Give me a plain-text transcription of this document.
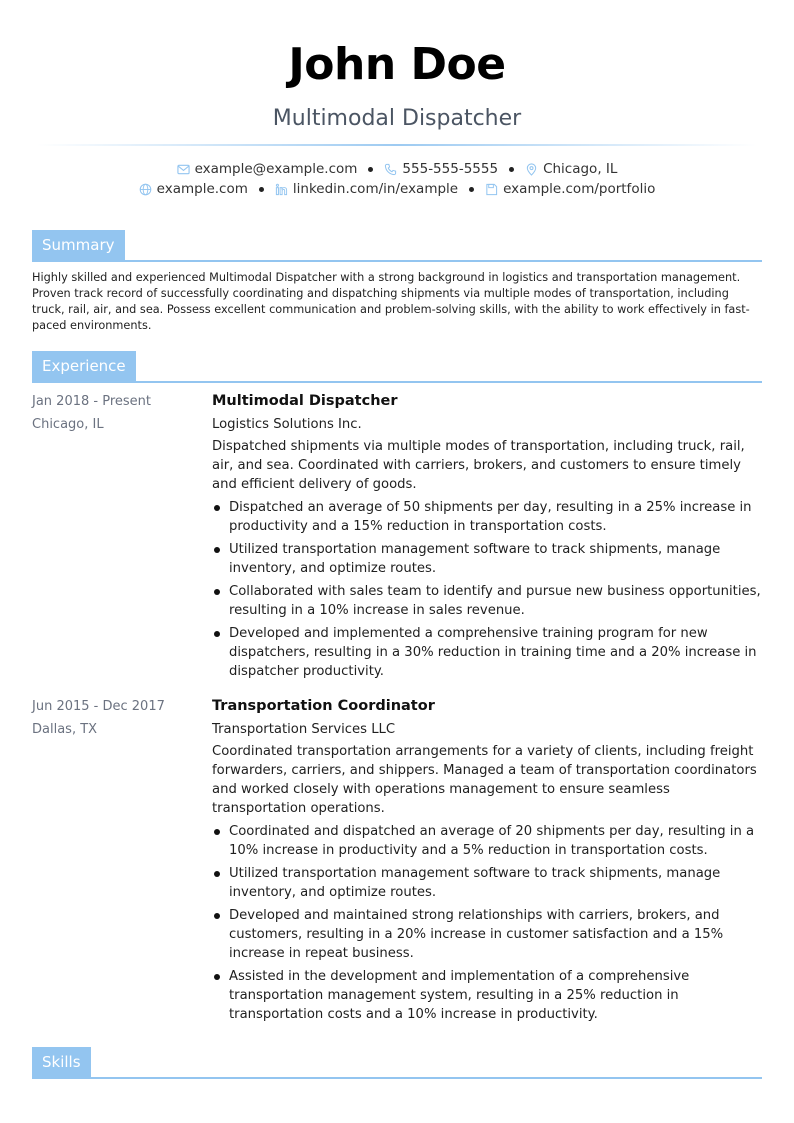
John Doe
Multimodal Dispatcher
example@example.com	555-555-5555	Chicago, IL
example.com	linkedin.com/in/example	example.com/portfolio
Summary

Highly skilled and experienced Multimodal Dispatcher with a strong background in logistics and transportation management. Proven track record of successfully coordinating and dispatching shipments via multiple modes of transportation, including truck, rail, air, and sea. Possess excellent communication and problem-solving skills, with the ability to work effectively in fast-paced environments.

Experience
Jan 2018 - Present
Chicago, IL
Multimodal Dispatcher
Logistics Solutions Inc.
Dispatched shipments via multiple modes of transportation, including truck, rail, air, and sea. Coordinated with carriers, brokers, and customers to ensure timely and efficient delivery of goods.
Dispatched an average of 50 shipments per day, resulting in a 25% increase in productivity and a 15% reduction in transportation costs.
Utilized transportation management software to track shipments, manage inventory, and optimize routes.
Collaborated with sales team to identify and pursue new business opportunities, resulting in a 10% increase in sales revenue.
Developed and implemented a comprehensive training program for new dispatchers, resulting in a 30% reduction in training time and a 20% increase in dispatcher productivity.
Jun 2015 - Dec 2017
Dallas, TX
Transportation Coordinator
Transportation Services LLC
Coordinated transportation arrangements for a variety of clients, including freight forwarders, carriers, and shippers. Managed a team of transportation coordinators and worked closely with operations management to ensure seamless transportation operations.
Coordinated and dispatched an average of 20 shipments per day, resulting in a 10% increase in productivity and a 5% reduction in transportation costs.
Utilized transportation management software to track shipments, manage inventory, and optimize routes.
Developed and maintained strong relationships with carriers, brokers, and customers, resulting in a 20% increase in customer satisfaction and a 15% increase in repeat business.
Assisted in the development and implementation of a comprehensive transportation management system, resulting in a 25% reduction in transportation costs and a 10% increase in productivity.
Skills
